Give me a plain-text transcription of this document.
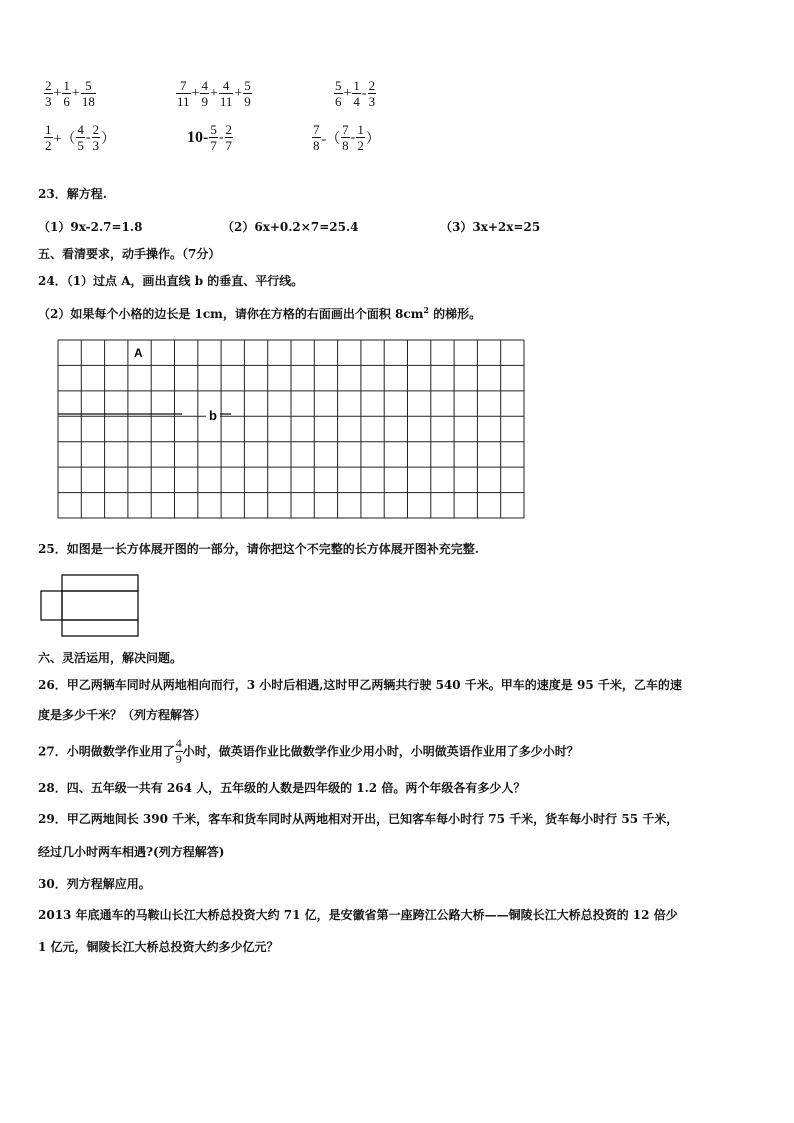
$\frac{2}{3} + \frac{1}{6} + \frac{5}{18}$	$\frac{7}{11} + \frac{4}{9} + \frac{4}{11} + \frac{5}{9}$	$\frac{5}{6} + \frac{1}{4} - \frac{2}{3}$
$\frac{1}{2}$ +（ $\frac{4}{5} - \frac{2}{3}$ ）	$10- \frac{5}{7} - \frac{2}{7}$	$\frac{7}{8}$ -（ $\frac{7}{8} - \frac{1}{2}$ ）
23．解方程.
（1）9x-2.7=1.8	（2）6x+0.2×7=25.4	（3）3x+2x=25
五、看清要求，动手操作。（7分）
24．（1）过点 A，画出直线 b 的垂直、平行线。
（2）如果每个小格的边长是 1cm，请你在方格的右面画出个面积 $8cm^2$ 的梯形。
b
A
25．如图是一长方体展开图的一部分，请你把这个不完整的长方体展开图补充完整.
六、灵活运用，解决问题。
26．甲乙两辆车同时从两地相向而行，3 小时后相遇,这时甲乙两辆共行驶 540 千米。甲车的速度是 95 千米，乙车的速
度是多少千米？（列方程解答）
27．小明做数学作业用了 $\frac{4}{9}$ 小时，做英语作业比做数学作业少用小时，小明做英语作业用了多少小时？
28．四、五年级一共有 264 人，五年级的人数是四年级的 1.2 倍。两个年级各有多少人？
29．甲乙两地间长 390 千米，客车和货车同时从两地相对开出，已知客车每小时行 75 千米，货车每小时行 55 千米，
经过几小时两车相遇?(列方程解答)
30．列方程解应用。
2013 年底通车的马鞍山长江大桥总投资大约 71 亿，是安徽省第一座跨江公路大桥——铜陵长江大桥总投资的 12 倍少
1 亿元，铜陵长江大桥总投资大约多少亿元？
